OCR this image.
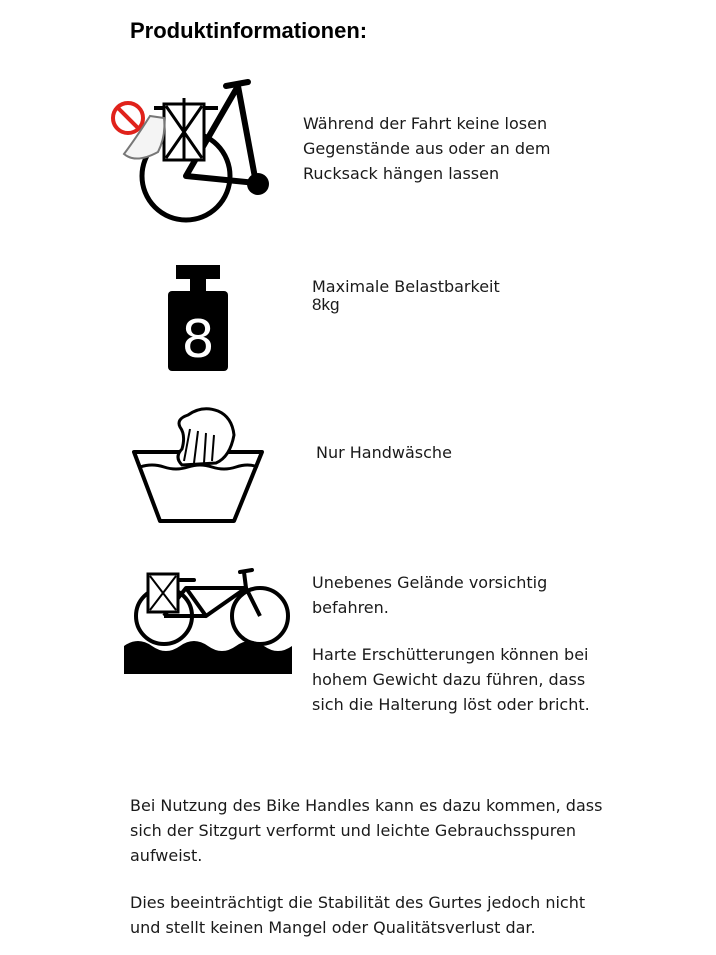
Produktinformationen:
Während der Fahrt keine losen
Gegenstände aus oder an dem
Rucksack hängen lassen
8
Maximale Belastbarkeit
8kg
Nur Handwäsche
Unebenes Gelände vorsichtig
befahren.
Harte Erschütterungen können bei
hohem Gewicht dazu führen, dass
sich die Halterung löst oder bricht.
Bei Nutzung des Bike Handles kann es dazu kommen, dass
sich der Sitzgurt verformt und leichte Gebrauchsspuren
aufweist.
Dies beeinträchtigt die Stabilität des Gurtes jedoch nicht
und stellt keinen Mangel oder Qualitätsverlust dar.
